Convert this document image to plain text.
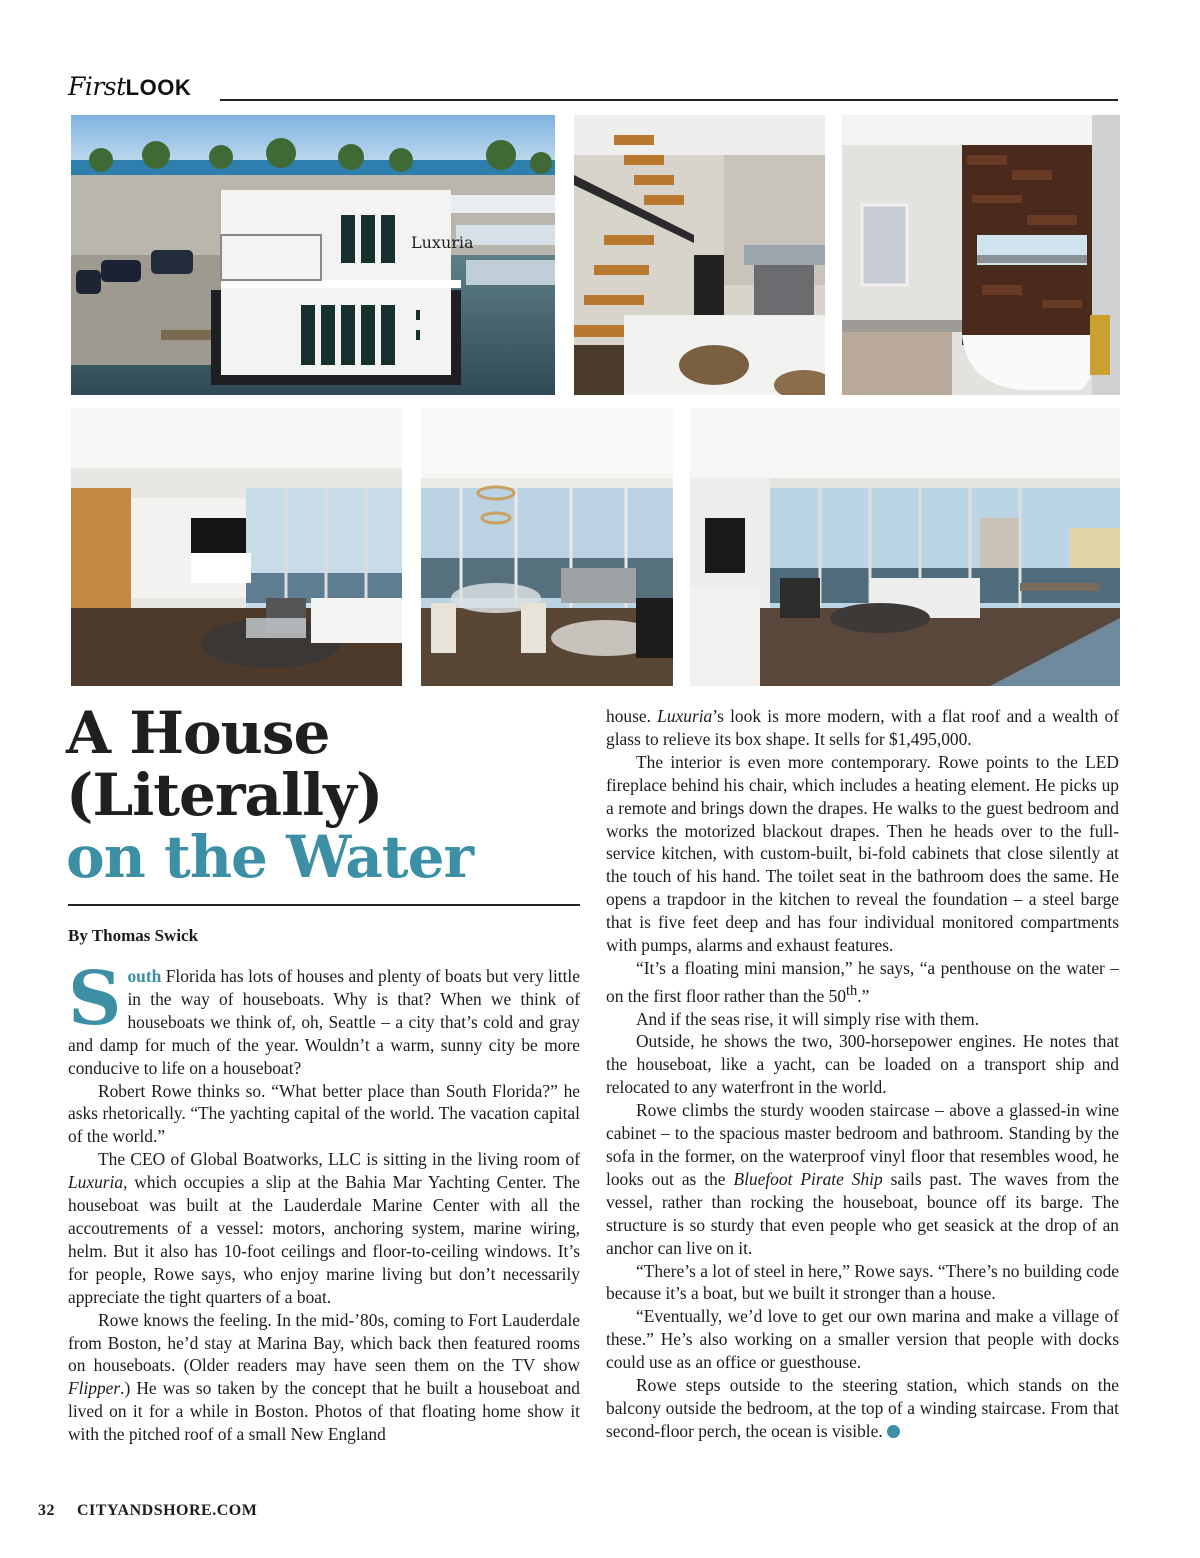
FirstLOOK
Luxuria
A House
(Literally)
on the Water
By Thomas Swick

South Florida has lots of houses and plenty of boats but very little in the way of houseboats. Why is that? When we think of houseboats we think of, oh, Seattle – a city that’s cold and gray and damp for much of the year. Wouldn’t a warm, sunny city be more conducive to life on a houseboat?

Robert Rowe thinks so. “What better place than South Florida?” he asks rhetorically. “The yachting capital of the world. The vacation capital of the world.”

The CEO of Global Boatworks, LLC is sitting in the living room of Luxuria, which occupies a slip at the Bahia Mar Yachting Center. The houseboat was built at the Lauderdale Marine Center with all the accoutrements of a vessel: motors, anchoring system, marine wiring, helm. But it also has 10-foot ceilings and floor-to-ceiling windows. It’s for people, Rowe says, who enjoy marine living but don’t necessarily appreciate the tight quarters of a boat.

Rowe knows the feeling. In the mid-’80s, coming to Fort Lauderdale from Boston, he’d stay at Marina Bay, which back then featured rooms on houseboats. (Older readers may have seen them on the TV show Flipper.) He was so taken by the concept that he built a houseboat and lived on it for a while in Boston. Photos of that floating home show it with the pitched roof of a small New England

house. Luxuria’s look is more modern, with a flat roof and a wealth of glass to relieve its box shape. It sells for $1,495,000.

The interior is even more contemporary. Rowe points to the LED fireplace behind his chair, which includes a heating element. He picks up a remote and brings down the drapes. He walks to the guest bedroom and works the motorized blackout drapes. Then he heads over to the full-service kitchen, with custom-built, bi-fold cabinets that close silently at the touch of his hand. The toilet seat in the bathroom does the same. He opens a trapdoor in the kitchen to reveal the foundation – a steel barge that is five feet deep and has four individual monitored compartments with pumps, alarms and exhaust features.

“It’s a floating mini mansion,” he says, “a penthouse on the water – on the first floor rather than the 50th.”

And if the seas rise, it will simply rise with them.

Outside, he shows the two, 300-horsepower engines. He notes that the houseboat, like a yacht, can be loaded on a transport ship and relocated to any waterfront in the world.

Rowe climbs the sturdy wooden staircase – above a glassed-in wine cabinet – to the spacious master bedroom and bathroom. Standing by the sofa in the former, on the waterproof vinyl floor that resembles wood, he looks out as the Bluefoot Pirate Ship sails past. The waves from the vessel, rather than rocking the houseboat, bounce off its barge. The structure is so sturdy that even people who get seasick at the drop of an anchor can live on it.

“There’s a lot of steel in here,” Rowe says. “There’s no building code because it’s a boat, but we built it stronger than a house.

“Eventually, we’d love to get our own marina and make a village of these.” He’s also working on a smaller version that people with docks could use as an office or guesthouse.

Rowe steps outside to the steering station, which stands on the balcony outside the bedroom, at the top of a winding staircase. From that second-floor perch, the ocean is visible.

32 CITYANDSHORE.COM
